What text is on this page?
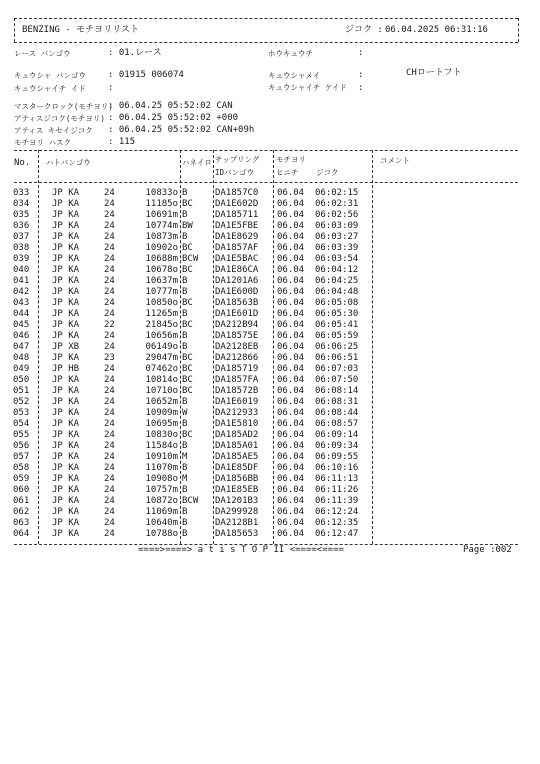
BENZING - モチヨリリスト	ジコク : 06.04.2025 06:31:16
レース バンゴウ	: 01.レース	ホウキュウチ	:
キュウシャ バンゴウ : 01915 006074	キュウシャメイ	:	CHロートフト
キュウシャイチ イド :	キュウシャイチ ケイド :
マスタークロック(モチヨリ)
: 06.04.25 05:52:02 CAN
アティスジコク(モチヨリ) : 06.04.25 05:52:02 +000
アティス キセイジコク : 06.04.25 05:52:02 CAN+09h
モチヨリ ハスク	: 115
No. ハトバンゴウ	ハネイロ チップリング
IDバンゴウ
モチヨリ
ヒニチ ジコク
コメント
033	JP KA	24	10833o B	DA1857C0 06.04 06:02:15
034	JP KA	24	11185o BC DA1E602D 06.04 06:02:31
035	JP KA	24	10691m B	DA185711 06.04 06:02:56
036	JP KA	24	10774m BW DA1E5FBE 06.04 06:03:09
037	JP KA	24	10873m B	DA1E8629 06.04 06:03:27
038	JP KA	24	10902o BC DA1857AF 06.04 06:03:39
039	JP KA	24	10688m BCW DA1E5BAC 06.04 06:03:54
040	JP KA	24	10678o BC DA1E86CA 06.04 06:04:12
041	JP KA	24	10637m B	DA1201A6 06.04 06:04:25
042	JP KA	24	10777m B	DA1E600D 06.04 06:04:48
043	JP KA	24	10850o BC DA18563B 06.04 06:05:08
044	JP KA	24	11265m B	DA1E601D 06.04 06:05:30
045	JP KA	22	21845o BC DA212B94 06.04 06:05:41
046	JP KA	24	10656m B	DA18575E 06.04 06:05:59
047	JP XB	24	06149o B	DA2128EB 06.04 06:06:25
048	JP KA	23	29047m BC DA212866 06.04 06:06:51
049	JP HB	24	07462o BC DA185719 06.04 06:07:03
050	JP KA	24	10814o BC DA1857FA 06.04 06:07:50
051	JP KA	24	10710o BC DA18572B 06.04 06:08:14
052	JP KA	24	10652m B	DA1E6019 06.04 06:08:31
053	JP KA	24	10909m W	DA212933 06.04 06:08:44
054	JP KA	24	10695m B	DA1E5810 06.04 06:08:57
055	JP KA	24	10830o BC DA185AD2 06.04 06:09:14
056	JP KA	24	11584o B	DA185A01 06.04 06:09:34
057	JP KA	24	10910m M	DA185AE5 06.04 06:09:55
058	JP KA	24	11070m B	DA1E85DF 06.04 06:10:16
059	JP KA	24	10908o M	DA1856BB 06.04 06:11:13
060	JP KA	24	10757m B	DA1E85EB 06.04 06:11:26
061	JP KA	24	10872o BCW DA1201B3 06.04 06:11:39
062	JP KA	24	11069m B	DA299928 06.04 06:12:24
063	JP KA	24	10640m B	DA2128B1 06.04 06:12:35
064	JP KA	24	10788o B	DA185653 06.04 06:12:47
====>====> a t i s T O P II <====<====	Page :002
